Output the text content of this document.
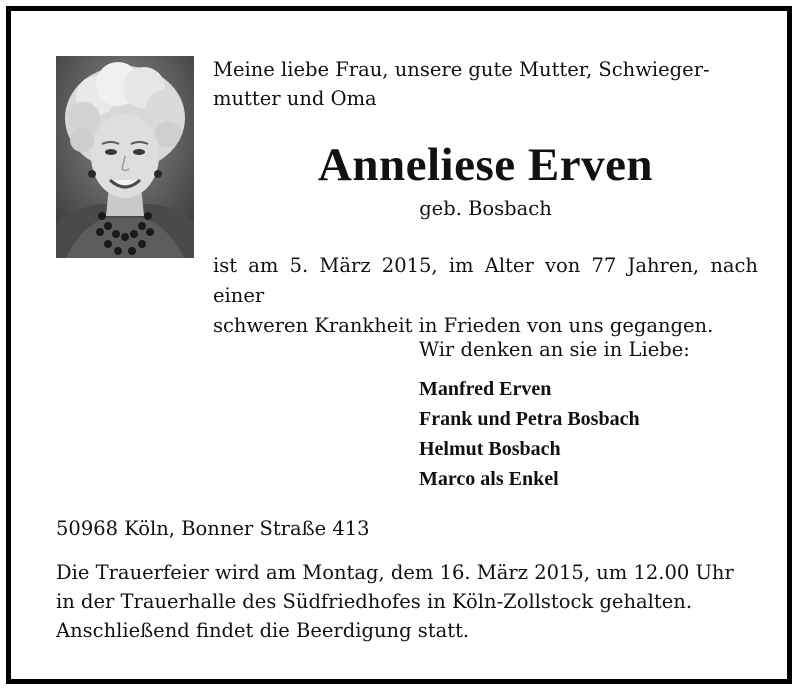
Meine liebe Frau, unsere gute Mutter, Schwieger-
mutter und Oma
Anneliese Erven
geb. Bosbach
ist am 5. März 2015, im Alter von 77 Jahren, nach einer
schweren Krankheit in Frieden von uns gegangen.
Wir denken an sie in Liebe:
Manfred Erven
Frank und Petra Bosbach
Helmut Bosbach
Marco als Enkel
50968 Köln, Bonner Straße 413
Die Trauerfeier wird am Montag, dem 16. März 2015, um 12.00 Uhr
in der Trauerhalle des Südfriedhofes in Köln-Zollstock gehalten.
Anschließend findet die Beerdigung statt.
